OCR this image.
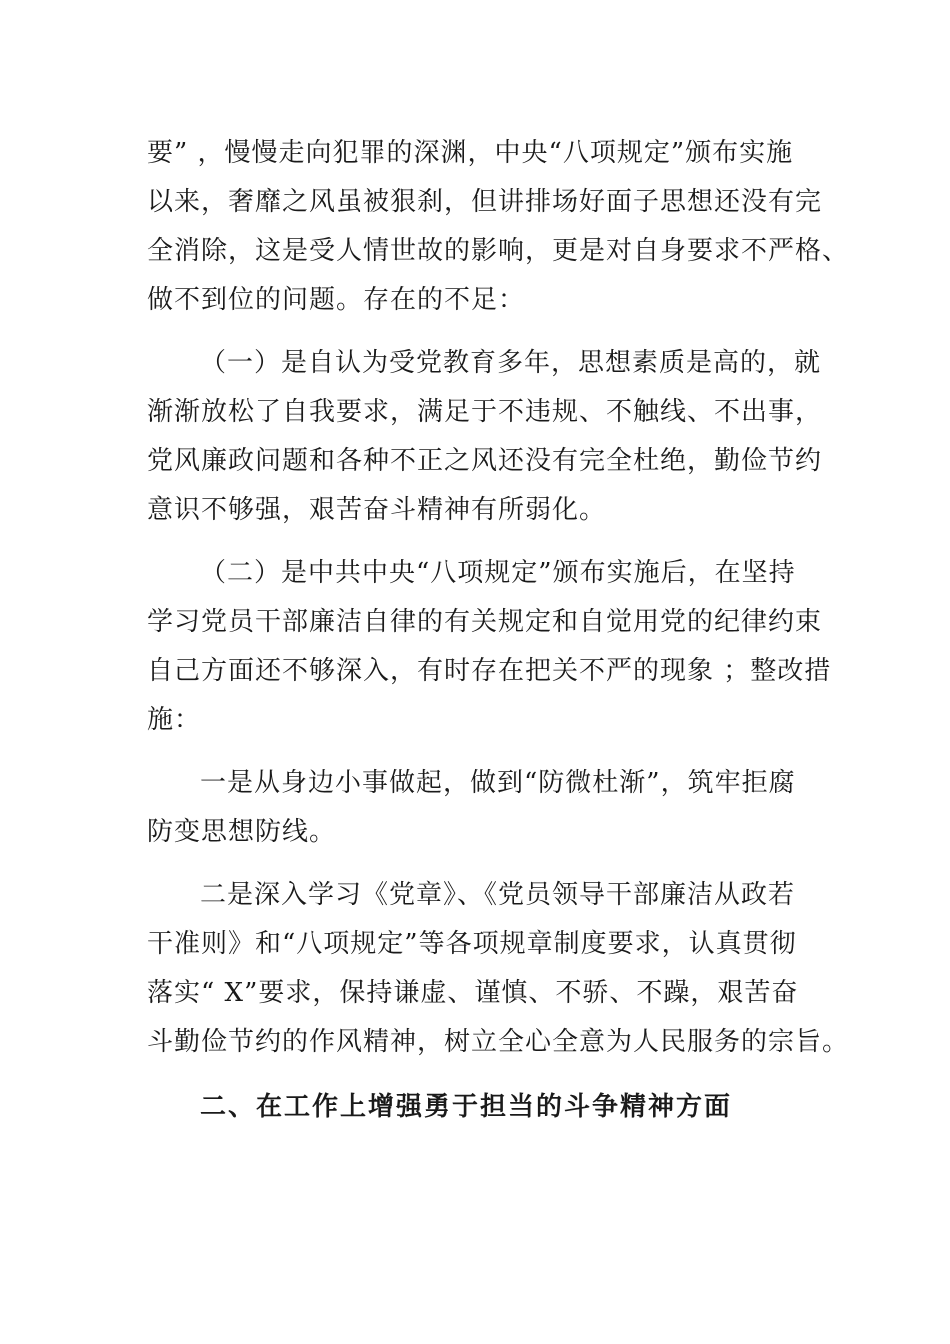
要” ，慢慢走向犯罪的深渊，中央“八项规定”颁布实施
以来，奢靡之风虽被狠刹，但讲排场好面子思想还没有完
全消除，这是受人情世故的影响，更是对自身要求不严格、
做不到位的问题。存在的不足：
（一）是自认为受党教育多年，思想素质是高的，就
渐渐放松了自我要求，满足于不违规、不触线、不出事，
党风廉政问题和各种不正之风还没有完全杜绝，勤俭节约
意识不够强，艰苦奋斗精神有所弱化。
（二）是中共中央“八项规定”颁布实施后，在坚持
学习党员干部廉洁自律的有关规定和自觉用党的纪律约束
自己方面还不够深入，有时存在把关不严的现象 ；整改措
施：
一是从身边小事做起，做到“防微杜渐”，筑牢拒腐
防变思想防线。
二是深入学习《党章》、《党员领导干部廉洁从政若
干准则》和“八项规定”等各项规章制度要求，认真贯彻
落实“ X”要求，保持谦虚、谨慎、不骄、不躁，艰苦奋
斗勤俭节约的作风精神，树立全心全意为人民服务的宗旨。
二、在工作上增强勇于担当的斗争精神方面
